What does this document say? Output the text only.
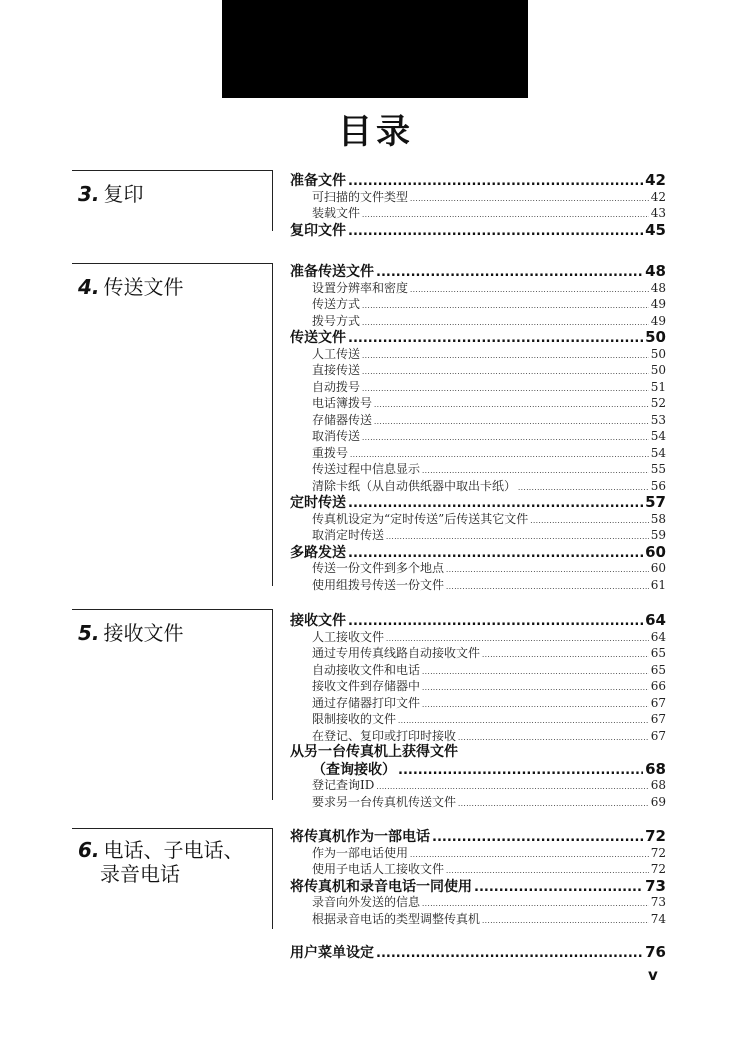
目录
3. 复印
准备文件 .....	42
可扫描的文件类型 .....	42
装载文件 .....	43
复印文件 .....	45
4. 传送文件
准备传送文件 .....	48
设置分辨率和密度 .....	48
传送方式 .....	49
拨号方式 .....	49
传送文件 .....	50
人工传送 .....	50
直接传送 .....	50
自动拨号 .....	51
电话簿拨号 .....	52
存储器传送 .....	53
取消传送 .....	54
重拨号 .....	54
传送过程中信息显示 .....	55
清除卡纸（从自动供纸器中取出卡纸） .....	56
定时传送 .....	57
传真机设定为“定时传送”后传送其它文件 .....	58
取消定时传送 .....	59
多路发送 .....	60
传送一份文件到多个地点 .....	60
使用组拨号传送一份文件 .....	61
5. 接收文件	接收文件 .....	64
人工接收文件 .....	64
通过专用传真线路自动接收文件 .....	65
自动接收文件和电话 .....	65
接收文件到存储器中 .....	66
通过存储器打印文件 .....	67
限制接收的文件 .....	67
在登记、复印或打印时接收 .....	67
从另一台传真机上获得文件
（查询接收） .....	68
登记查询ID .....	68
要求另一台传真机传送文件 .....	69
6. 电话、子电话、
录音电话
将传真机作为一部电话 .....	72
作为一部电话使用 .....	72
使用子电话人工接收文件 .....	72
将传真机和录音电话一同使用 .....	73
录音向外发送的信息 .....	73
根据录音电话的类型调整传真机 .....	74
用户菜单设定 .....	76
v
